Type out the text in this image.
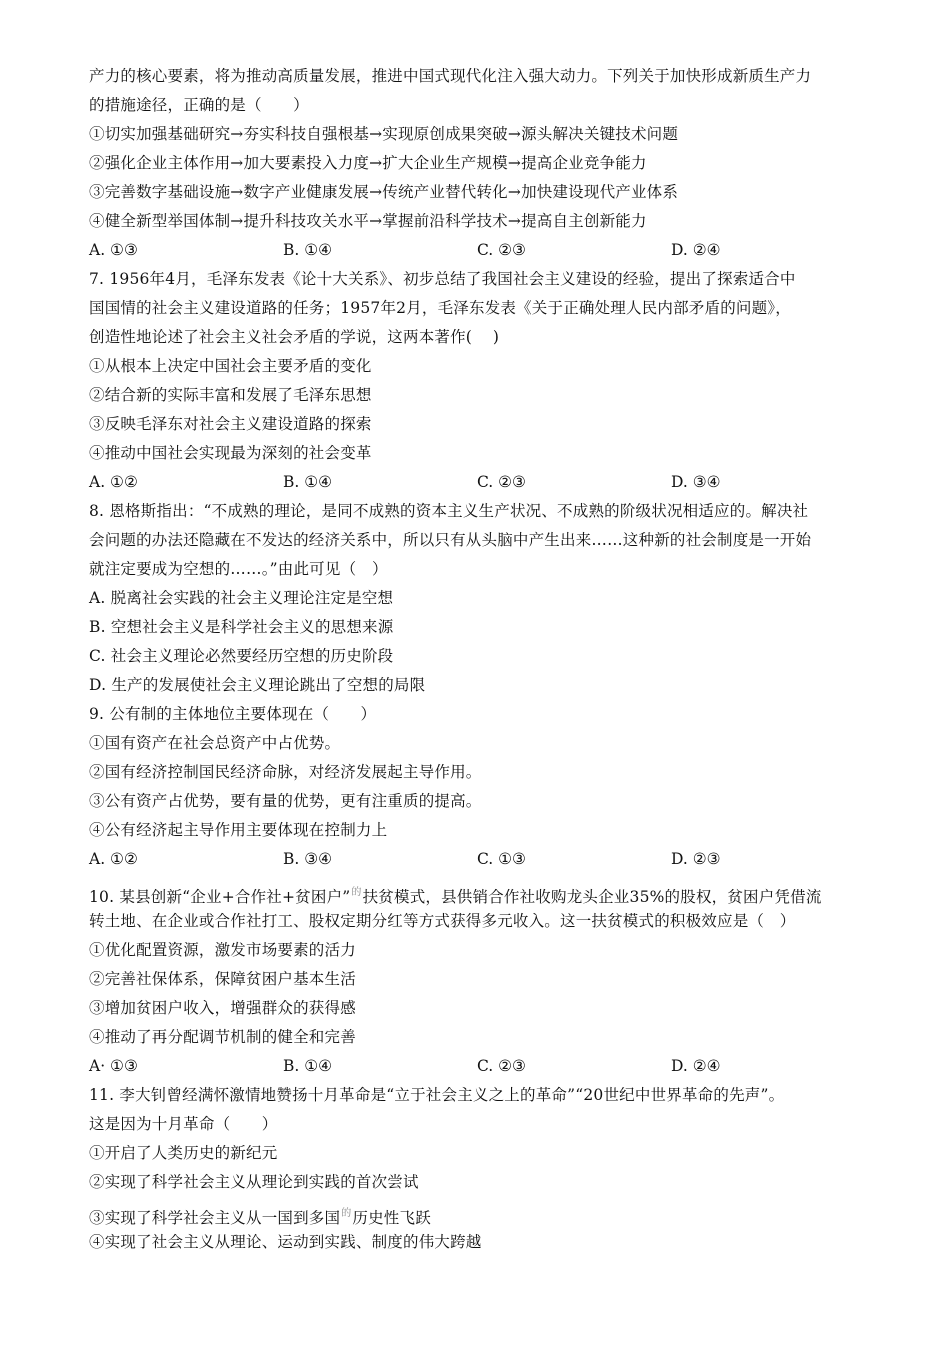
产力的核心要素，将为推动高质量发展，推进中国式现代化注入强大动力。下列关于加快形成新质生产力
的措施途径，正确的是（　　）
①切实加强基础研究→夯实科技自强根基→实现原创成果突破→源头解决关键技术问题
②强化企业主体作用→加大要素投入力度→扩大企业生产规模→提高企业竞争能力
③完善数字基础设施→数字产业健康发展→传统产业替代转化→加快建设现代产业体系
④健全新型举国体制→提升科技攻关水平→掌握前沿科学技术→提高自主创新能力
A. ①③	B. ①④	C. ②③	D. ②④
7. 1956年4月，毛泽东发表《论十大关系》、初步总结了我国社会主义建设的经验，提出了探索适合中
国国情的社会主义建设道路的任务；1957年2月，毛泽东发表《关于正确处理人民内部矛盾的问题》，
创造性地论述了社会主义社会矛盾的学说，这两本著作(　 )
①从根本上决定中国社会主要矛盾的变化
②结合新的实际丰富和发展了毛泽东思想
③反映毛泽东对社会主义建设道路的探索
④推动中国社会实现最为深刻的社会变革
A. ①②	B. ①④	C. ②③	D. ③④
8. 恩格斯指出：“不成熟的理论，是同不成熟的资本主义生产状况、不成熟的阶级状况相适应的。解决社
会问题的办法还隐藏在不发达的经济关系中，所以只有从头脑中产生出来……这种新的社会制度是一开始
就注定要成为空想的……。”由此可见（　）
A. 脱离社会实践的社会主义理论注定是空想
B. 空想社会主义是科学社会主义的思想来源
C. 社会主义理论必然要经历空想的历史阶段
D. 生产的发展使社会主义理论跳出了空想的局限
9. 公有制的主体地位主要体现在（　　）
①国有资产在社会总资产中占优势。
②国有经济控制国民经济命脉，对经济发展起主导作用。
③公有资产占优势，要有量的优势，更有注重质的提高。
④公有经济起主导作用主要体现在控制力上
A. ①②	B. ③④	C. ①③	D. ②③
10. 某县创新“企业+合作社+贫困户”$^的$扶贫模式，县供销合作社收购龙头企业35%的股权，贫困户凭借流
转土地、在企业或合作社打工、股权定期分红等方式获得多元收入。这一扶贫模式的积极效应是（　）
①优化配置资源，激发市场要素的活力
②完善社保体系，保障贫困户基本生活
③增加贫困户收入，增强群众的获得感
④推动了再分配调节机制的健全和完善
A· ①③	B. ①④	C. ②③	D. ②④
11. 李大钊曾经满怀激情地赞扬十月革命是“立于社会主义之上的革命”“20世纪中世界革命的先声”。
这是因为十月革命（　　）
①开启了人类历史的新纪元
②实现了科学社会主义从理论到实践的首次尝试
③实现了科学社会主义从一国到多国$^的$历史性飞跃
④实现了社会主义从理论、运动到实践、制度的伟大跨越
